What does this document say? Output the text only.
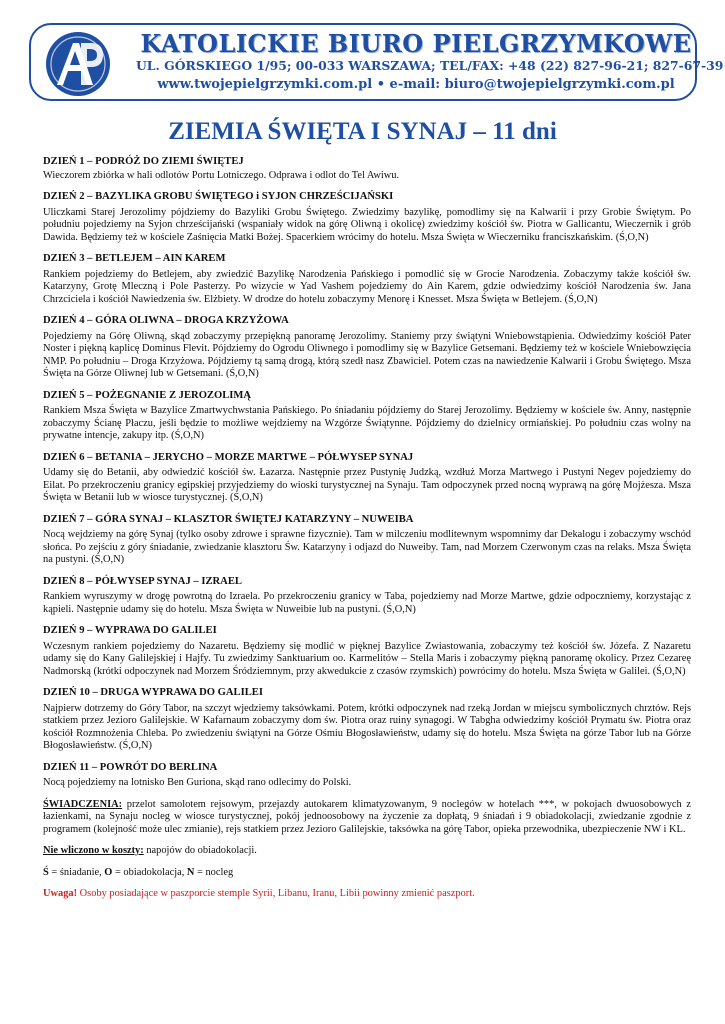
KATOLICKIE BIURO PIELGRZYMKOWE
UL. GÓRSKIEGO 1/95; 00-033 WARSZAWA; TEL/FAX: +48 (22) 827-96-21; 827-67-39
www.twojepielgrzymki.com.pl • e-mail: biuro@twojepielgrzymki.com.pl
ZIEMIA ŚWIĘTA I SYNAJ – 11 dni

DZIEŃ 1 – PODRÓŻ DO ZIEMI ŚWIĘTEJ

Wieczorem zbiórka w hali odlotów Portu Lotniczego. Odprawa i odlot do Tel Awiwu.

DZIEŃ 2 – BAZYLIKA GROBU ŚWIĘTEGO i SYJON CHRZEŚCIJAŃSKI

Uliczkami Starej Jerozolimy pójdziemy do Bazyliki Grobu Świętego. Zwiedzimy bazylikę, pomodlimy się na Kalwarii i przy Grobie Świętym. Po południu pojedziemy na Syjon chrześcijański (wspaniały widok na górę Oliwną i okolicę) zwiedzimy kościół św. Piotra w Gallicantu, Wieczernik i grób Dawida. Będziemy też w kościele Zaśnięcia Matki Bożej. Spacerkiem wrócimy do hotelu. Msza Święta w Wieczerniku franciszkańskim. (Ś,O,N)

DZIEŃ 3 – BETLEJEM – AIN KAREM

Rankiem pojedziemy do Betlejem, aby zwiedzić Bazylikę Narodzenia Pańskiego i pomodlić się w Grocie Narodzenia. Zobaczymy także kościół św. Katarzyny, Grotę Mleczną i Pole Pasterzy. Po wizycie w Yad Vashem pojedziemy do Ain Karem, gdzie odwiedzimy kościół Narodzenia św. Jana Chrzciciela i kościół Nawiedzenia św. Elżbiety. W drodze do hotelu zobaczymy Menorę i Knesset. Msza Święta w Betlejem. (Ś,O,N)

DZIEŃ 4 – GÓRA OLIWNA – DROGA KRZYŻOWA

Pojedziemy na Górę Oliwną, skąd zobaczymy przepiękną panoramę Jerozolimy. Staniemy przy świątyni Wniebowstąpienia. Odwiedzimy kościół Pater Noster i piękną kaplicę Dominus Flevit. Pójdziemy do Ogrodu Oliwnego i pomodlimy się w Bazylice Getsemani. Będziemy też w kościele Wniebowzięcia NMP. Po południu – Droga Krzyżowa. Pójdziemy tą samą drogą, którą szedł nasz Zbawiciel. Potem czas na nawiedzenie Kalwarii i Grobu Świętego. Msza Święta na Górze Oliwnej lub w Getsemani. (Ś,O,N)

DZIEŃ 5 – POŻEGNANIE Z JEROZOLIMĄ

Rankiem Msza Święta w Bazylice Zmartwychwstania Pańskiego. Po śniadaniu pójdziemy do Starej Jerozolimy. Będziemy w kościele św. Anny, następnie zobaczymy Ścianę Płaczu, jeśli będzie to możliwe wejdziemy na Wzgórze Świątynne. Pójdziemy do dzielnicy ormiańskiej. Po południu czas wolny na prywatne intencje, zakupy itp. (Ś,O,N)

DZIEŃ 6 – BETANIA – JERYCHO – MORZE MARTWE – PÓŁWYSEP SYNAJ

Udamy się do Betanii, aby odwiedzić kościół św. Łazarza. Następnie przez Pustynię Judzką, wzdłuż Morza Martwego i Pustyni Negev pojedziemy do Eilat. Po przekroczeniu granicy egipskiej przyjedziemy do wioski turystycznej na Synaju. Tam odpoczynek przed nocną wyprawą na górę Mojżesza. Msza Święta w Betanii lub w wiosce turystycznej. (Ś,O,N)

DZIEŃ 7 – GÓRA SYNAJ – KLASZTOR ŚWIĘTEJ KATARZYNY – NUWEIBA

Nocą wejdziemy na górę Synaj (tylko osoby zdrowe i sprawne fizycznie). Tam w milczeniu modlitewnym wspomnimy dar Dekalogu i zobaczymy wschód słońca. Po zejściu z góry śniadanie, zwiedzanie klasztoru Św. Katarzyny i odjazd do Nuweiby. Tam, nad Morzem Czerwonym czas na relaks. Msza Święta na pustyni. (Ś,O,N)

DZIEŃ 8 – PÓŁWYSEP SYNAJ – IZRAEL

Rankiem wyruszymy w drogę powrotną do Izraela. Po przekroczeniu granicy w Taba, pojedziemy nad Morze Martwe, gdzie odpoczniemy, korzystając z kąpieli. Następnie udamy się do hotelu. Msza Święta w Nuweibie lub na pustyni. (Ś,O,N)

DZIEŃ 9 – WYPRAWA DO GALILEI

Wczesnym rankiem pojedziemy do Nazaretu. Będziemy się modlić w pięknej Bazylice Zwiastowania, zobaczymy też kościół św. Józefa. Z Nazaretu udamy się do Kany Galilejskiej i Hajfy. Tu zwiedzimy Sanktuarium oo. Karmelitów – Stella Maris i zobaczymy piękną panoramę okolicy. Przez Cezareę Nadmorską (krótki odpoczynek nad Morzem Śródziemnym, przy akwedukcie z czasów rzymskich) powrócimy do hotelu. Msza Święta w Galilei. (Ś,O,N)

DZIEŃ 10 – DRUGA WYPRAWA DO GALILEI

Najpierw dotrzemy do Góry Tabor, na szczyt wjedziemy taksówkami. Potem, krótki odpoczynek nad rzeką Jordan w miejscu symbolicznych chrztów. Rejs statkiem przez Jezioro Galilejskie. W Kafarnaum zobaczymy dom św. Piotra oraz ruiny synagogi. W Tabgha odwiedzimy kościół Prymatu św. Piotra oraz kościół Rozmnożenia Chleba. Po zwiedzeniu świątyni na Górze Ośmiu Błogosławieństw, udamy się do hotelu. Msza Święta na górze Tabor lub na Górze Błogosławieństw. (Ś,O,N)

DZIEŃ 11 – POWRÓT DO BERLINA

Nocą pojedziemy na lotnisko Ben Guriona, skąd rano odlecimy do Polski.

ŚWIADCZENIA: przelot samolotem rejsowym, przejazdy autokarem klimatyzowanym, 9 noclegów w hotelach ***, w pokojach dwuosobowych z łazienkami, na Synaju nocleg w wiosce turystycznej, pokój jednoosobowy na życzenie za dopłatą, 9 śniadań i 9 obiadokolacji, zwiedzanie zgodnie z programem (kolejność może ulec zmianie), rejs statkiem przez Jezioro Galilejskie, taksówka na górę Tabor, opieka przewodnika, ubezpieczenie NW i KL.

Nie wliczono w koszty: napojów do obiadokolacji.

Ś = śniadanie, O = obiadokolacja, N = nocleg

Uwaga! Osoby posiadające w paszporcie stemple Syrii, Libanu, Iranu, Libii powinny zmienić paszport.
